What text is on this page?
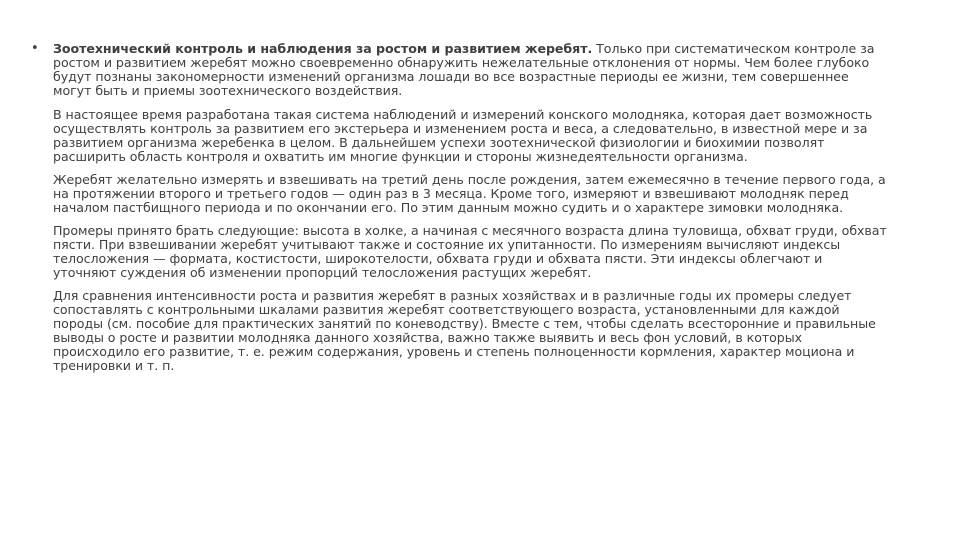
• Зоотехнический контроль и наблюдения за ростом и развитием жеребят. Только при систематическом контроле за ростом и развитием жеребят можно своевременно обнаружить нежелательные отклонения от нормы. Чем более глубоко будут познаны закономерности изменений организма лошади во все возрастные периоды ее жизни, тем совершеннее могут быть и приемы зоотехнического воздействия.

В настоящее время разработана такая система наблюдений и измерений конского молодняка, которая дает возможность осуществлять контроль за развитием его экстерьера и изменением роста и веса, а следовательно, в известной мере и за развитием организма жеребенка в целом. В дальнейшем успехи зоотехнической физиологии и биохимии позволят расширить область контроля и охватить им многие функции и стороны жизнедеятельности организма.

Жеребят желательно измерять и взвешивать на третий день после рождения, затем ежемесячно в течение первого года, а на протяжении второго и третьего годов — один раз в 3 месяца. Кроме того, измеряют и взвешивают молодняк перед началом пастбищного периода и по окончании его. По этим данным можно судить и о характере зимовки молодняка.

Промеры принято брать следующие: высота в холке, а начиная с месячного возраста длина туловища, обхват груди, обхват пясти. При взвешивании жеребят учитывают также и состояние их упитанности. По измерениям вычисляют индексы телосложения — формата, костистости, широкотелости, обхвата груди и обхвата пясти. Эти индексы облегчают и уточняют суждения об изменении пропорций телосложения растущих жеребят.

Для сравнения интенсивности роста и развития жеребят в разных хозяйствах и в различные годы их промеры следует сопоставлять с контрольными шкалами развития жеребят соответствующего возраста, установленными для каждой породы (см. пособие для практических занятий по коневодству). Вместе с тем, чтобы сделать всесторонние и правильные выводы о росте и развитии молодняка данного хозяйства, важно также выявить и весь фон условий, в которых происходило его развитие, т. е. режим содержания, уровень и степень полноценности кормления, характер моциона и тренировки и т. п.
